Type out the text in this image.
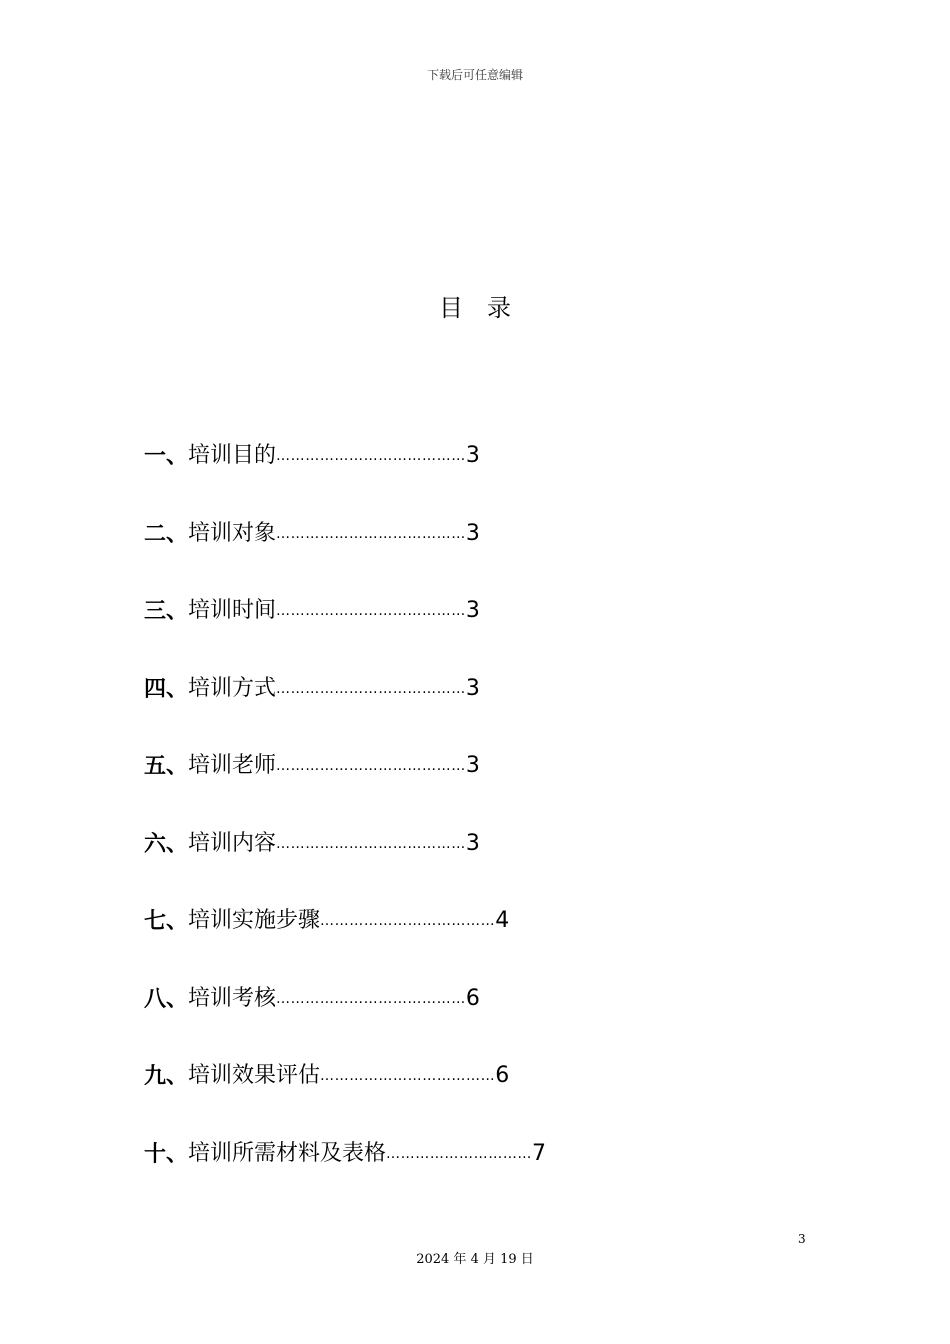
下载后可任意编辑
目录
一、 培训目的 ………………………………… 3
二、 培训对象 ………………………………… 3
三、 培训时间 ………………………………… 3
四、 培训方式 ………………………………… 3
五、 培训老师 ………………………………… 3
六、 培训内容 ………………………………… 3
七、 培训实施步骤 ……………………………… 4
八、 培训考核 ………………………………… 6
九、 培训效果评估 ……………………………… 6
十、 培训所需材料及表格 ………………………… 7
3
2024 年 4 月 19 日
